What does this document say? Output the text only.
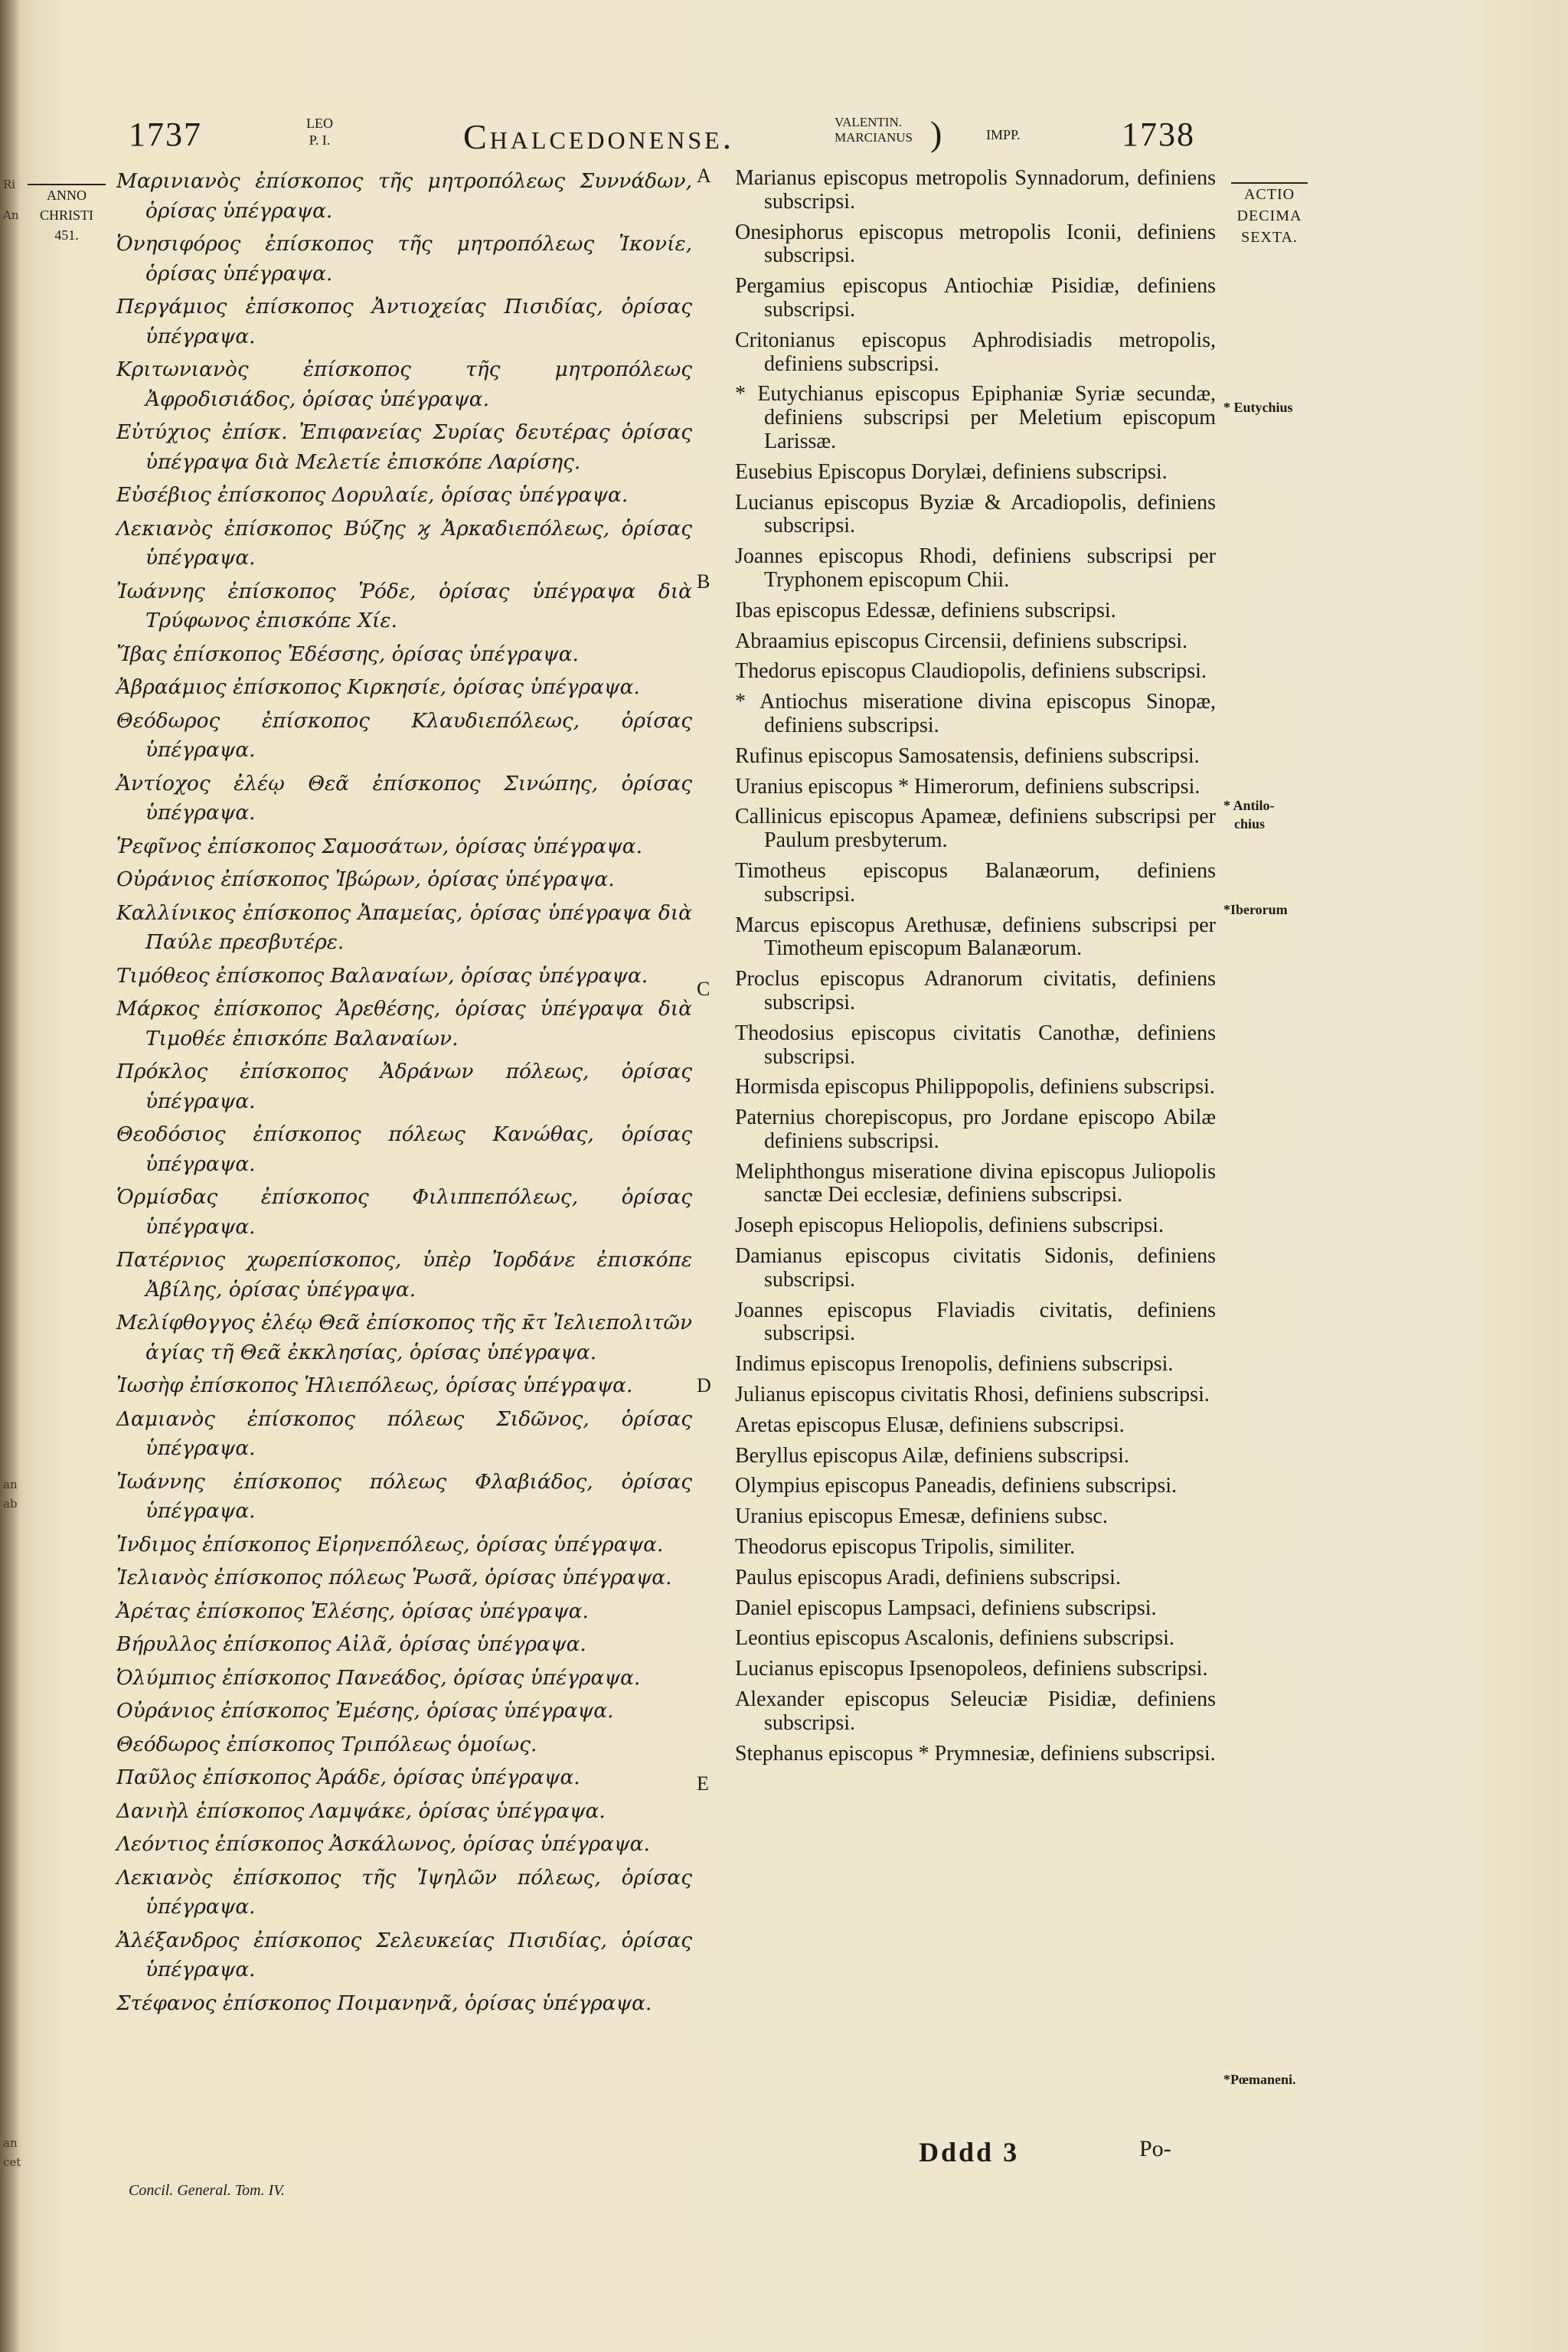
Ri
An
an
ab
an
cet
1737	LEO
P. I.	Chalcedonense.	VALENTIN.
MARCIANUS )	IMPP.	1738
ANNO
CHRISTI
451.
ACTIO
DECIMA
SEXTA.
* Eutychius
* Antilo-
chius
*Iberorum
*Pœmaneni.
A
B
C
D
E
Μαρινιανὸς ἐπίσκοπος τῆς μητροπόλεως Συννάδων, ὁρίσας ὑπέγραψα.
Ὀνησιφόρος ἐπίσκοπος τῆς μητροπόλεως Ἰκονίε, ὁρίσας ὑπέγραψα.
Περγάμιος ἐπίσκοπος Ἀντιοχείας Πισιδίας, ὁρίσας ὑπέγραψα.
Κριτωνιανὸς ἐπίσκοπος τῆς μητροπόλεως Ἀφροδισιάδος, ὁρίσας ὑπέγραψα.
Εὐτύχιος ἐπίσκ. Ἐπιφανείας Συρίας δευτέρας ὁρίσας ὑπέγραψα διὰ Μελετίε ἐπισκόπε Λαρίσης.
Εὐσέβιος ἐπίσκοπος Δορυλαίε, ὁρίσας ὑπέγραψα.
Λεκιανὸς ἐπίσκοπος Βύζης ϗ Ἀρκαδιεπόλεως, ὁρίσας ὑπέγραψα.
Ἰωάννης ἐπίσκοπος Ῥόδε, ὁρίσας ὑπέγραψα διὰ Τρύφωνος ἐπισκόπε Χίε.
Ἴβας ἐπίσκοπος Ἐδέσσης, ὁρίσας ὑπέγραψα.
Ἀβραάμιος ἐπίσκοπος Κιρκησίε, ὁρίσας ὑπέγραψα.
Θεόδωρος ἐπίσκοπος Κλαυδιεπόλεως, ὁρίσας ὑπέγραψα.
Ἀντίοχος ἐλέῳ Θεᾶ ἐπίσκοπος Σινώπης, ὁρίσας ὑπέγραψα.
Ῥεφῖνος ἐπίσκοπος Σαμοσάτων, ὁρίσας ὑπέγραψα.
Οὐράνιος ἐπίσκοπος Ἰβώρων, ὁρίσας ὑπέγραψα.
Καλλίνικος ἐπίσκοπος Ἀπαμείας, ὁρίσας ὑπέγραψα διὰ Παύλε πρεσβυτέρε.
Τιμόθεος ἐπίσκοπος Βαλαναίων, ὁρίσας ὑπέγραψα.
Μάρκος ἐπίσκοπος Ἀρεθέσης, ὁρίσας ὑπέγραψα διὰ Τιμοθέε ἐπισκόπε Βαλαναίων.
Πρόκλος ἐπίσκοπος Ἀδράνων πόλεως, ὁρίσας ὑπέγραψα.
Θεοδόσιος ἐπίσκοπος πόλεως Κανώθας, ὁρίσας ὑπέγραψα.
Ὁρμίσδας ἐπίσκοπος Φιλιππεπόλεως, ὁρίσας ὑπέγραψα.
Πατέρνιος χωρεπίσκοπος, ὑπὲρ Ἰορδάνε ἐπισκόπε Ἀβίλης, ὁρίσας ὑπέγραψα.
Μελίφθογγος ἐλέῳ Θεᾶ ἐπίσκοπος τῆς κ̄τ Ἰελιεπολιτῶν ἁγίας τῆ Θεᾶ ἐκκλησίας, ὁρίσας ὑπέγραψα.
Ἰωσὴφ ἐπίσκοπος Ἡλιεπόλεως, ὁρίσας ὑπέγραψα.
Δαμιανὸς ἐπίσκοπος πόλεως Σιδῶνος, ὁρίσας ὑπέγραψα.
Ἰωάννης ἐπίσκοπος πόλεως Φλαβιάδος, ὁρίσας ὑπέγραψα.
Ἰνδιμος ἐπίσκοπος Εἰρηνεπόλεως, ὁρίσας ὑπέγραψα.
Ἰελιανὸς ἐπίσκοπος πόλεως Ῥωσᾶ, ὁρίσας ὑπέγραψα.
Ἀρέτας ἐπίσκοπος Ἐλέσης, ὁρίσας ὑπέγραψα.
Βήρυλλος ἐπίσκοπος Αἰλᾶ, ὁρίσας ὑπέγραψα.
Ὀλύμπιος ἐπίσκοπος Πανεάδος, ὁρίσας ὑπέγραψα.
Οὐράνιος ἐπίσκοπος Ἐμέσης, ὁρίσας ὑπέγραψα.
Θεόδωρος ἐπίσκοπος Τριπόλεως ὁμοίως.
Παῦλος ἐπίσκοπος Ἀράδε, ὁρίσας ὑπέγραψα.
Δανιὴλ ἐπίσκοπος Λαμψάκε, ὁρίσας ὑπέγραψα.
Λεόντιος ἐπίσκοπος Ἀσκάλωνος, ὁρίσας ὑπέγραψα.
Λεκιανὸς ἐπίσκοπος τῆς Ἰψηλῶν πόλεως, ὁρίσας ὑπέγραψα.
Ἀλέξανδρος ἐπίσκοπος Σελευκείας Πισιδίας, ὁρίσας ὑπέγραψα.
Στέφανος ἐπίσκοπος Ποιμανηνᾶ, ὁρίσας ὑπέγραψα.
Marianus episcopus metropolis Synnadorum, definiens subscripsi.
Onesiphorus episcopus metropolis Iconii, definiens subscripsi.
Pergamius episcopus Antiochiæ Pisidiæ, definiens subscripsi.
Critonianus episcopus Aphrodisiadis metropolis, definiens subscripsi.
* Eutychianus episcopus Epiphaniæ Syriæ secundæ, definiens subscripsi per Meletium episcopum Larissæ.
Eusebius Episcopus Dorylæi, definiens subscripsi.
Lucianus episcopus Byziæ & Arcadiopolis, definiens subscripsi.
Joannes episcopus Rhodi, definiens subscripsi per Tryphonem episcopum Chii.
Ibas episcopus Edessæ, definiens subscripsi.
Abraamius episcopus Circensii, definiens subscripsi.
Thedorus episcopus Claudiopolis, definiens subscripsi.
* Antiochus miseratione divina episcopus Sinopæ, definiens subscripsi.
Rufinus episcopus Samosatensis, definiens subscripsi.
Uranius episcopus * Himerorum, definiens subscripsi.
Callinicus episcopus Apameæ, definiens subscripsi per Paulum presbyterum.
Timotheus episcopus Balanæorum, definiens subscripsi.
Marcus episcopus Arethusæ, definiens subscripsi per Timotheum episcopum Balanæorum.
Proclus episcopus Adranorum civitatis, definiens subscripsi.
Theodosius episcopus civitatis Canothæ, definiens subscripsi.
Hormisda episcopus Philippopolis, definiens subscripsi.
Paternius chorepiscopus, pro Jordane episcopo Abilæ definiens subscripsi.
Meliphthongus miseratione divina episcopus Juliopolis sanctæ Dei ecclesiæ, definiens subscripsi.
Joseph episcopus Heliopolis, definiens subscripsi.
Damianus episcopus civitatis Sidonis, definiens subscripsi.
Joannes episcopus Flaviadis civitatis, definiens subscripsi.
Indimus episcopus Irenopolis, definiens subscripsi.
Julianus episcopus civitatis Rhosi, definiens subscripsi.
Aretas episcopus Elusæ, definiens subscripsi.
Beryllus episcopus Ailæ, definiens subscripsi.
Olympius episcopus Paneadis, definiens subscripsi.
Uranius episcopus Emesæ, definiens subsc.
Theodorus episcopus Tripolis, similiter.
Paulus episcopus Aradi, definiens subscripsi.
Daniel episcopus Lampsaci, definiens subscripsi.
Leontius episcopus Ascalonis, definiens subscripsi.
Lucianus episcopus Ipsenopoleos, definiens subscripsi.
Alexander episcopus Seleuciæ Pisidiæ, definiens subscripsi.
Stephanus episcopus * Prymnesiæ, definiens subscripsi.
Concil. General. Tom. IV.
Dddd 3	Po-
